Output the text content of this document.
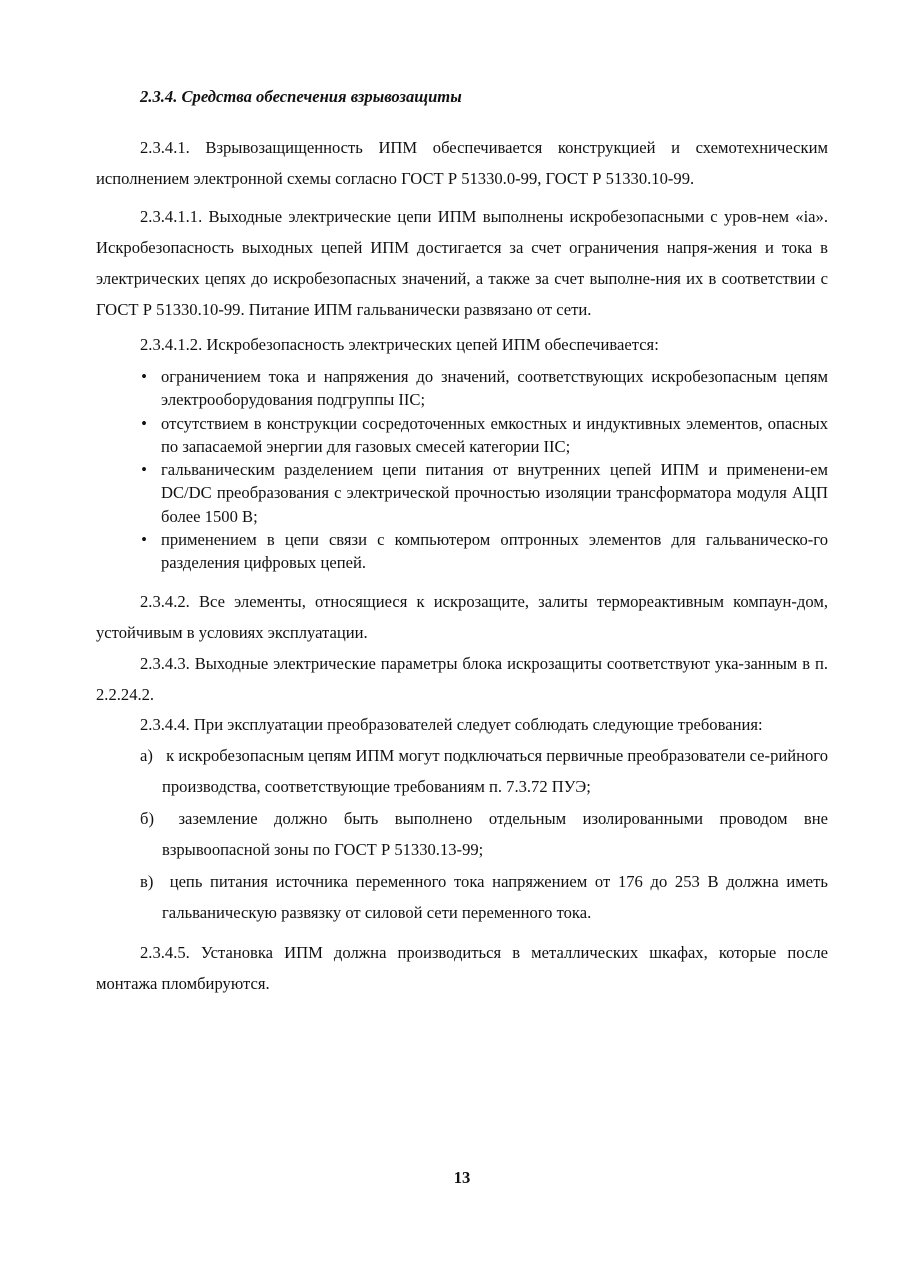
2.3.4. Средства обеспечения взрывозащиты

2.3.4.1. Взрывозащищенность ИПМ обеспечивается конструкцией и схемотехническим исполнением электронной схемы согласно ГОСТ Р 51330.0-99, ГОСТ Р 51330.10-99.

2.3.4.1.1. Выходные электрические цепи ИПМ выполнены искробезопасными с уров-нем «ia». Искробезопасность выходных цепей ИПМ достигается за счет ограничения напря-жения и тока в электрических цепях до искробезопасных значений, а также за счет выполне-ния их в соответствии с ГОСТ Р 51330.10-99. Питание ИПМ гальванически развязано от сети.

2.3.4.1.2. Искробезопасность электрических цепей ИПМ обеспечивается:

• ограничением тока и напряжения до значений, соответствующих искробезопасным цепям электрооборудования подгруппы IIC;
• отсутствием в конструкции сосредоточенных емкостных и индуктивных элементов, опасных по запасаемой энергии для газовых смесей категории IIC;
• гальваническим разделением цепи питания от внутренних цепей ИПМ и применени-ем DC/DC преобразования с электрической прочностью изоляции трансформатора модуля АЦП более 1500 В;
• применением в цепи связи с компьютером оптронных элементов для гальваническо-го разделения цифровых цепей.

2.3.4.2. Все элементы, относящиеся к искрозащите, залиты термореактивным компаун-дом, устойчивым в условиях эксплуатации.

2.3.4.3. Выходные электрические параметры блока искрозащиты соответствуют ука-занным в п. 2.2.24.2.

2.3.4.4. При эксплуатации преобразователей следует соблюдать следующие требования:

а) к искробезопасным цепям ИПМ могут подключаться первичные преобразователи се-рийного производства, соответствующие требованиям п. 7.3.72 ПУЭ;
б) заземление должно быть выполнено отдельным изолированными проводом вне взрывоопасной зоны по ГОСТ Р 51330.13-99;
в) цепь питания источника переменного тока напряжением от 176 до 253 В должна иметь гальваническую развязку от силовой сети переменного тока.

2.3.4.5. Установка ИПМ должна производиться в металлических шкафах, которые после монтажа пломбируются.

13
